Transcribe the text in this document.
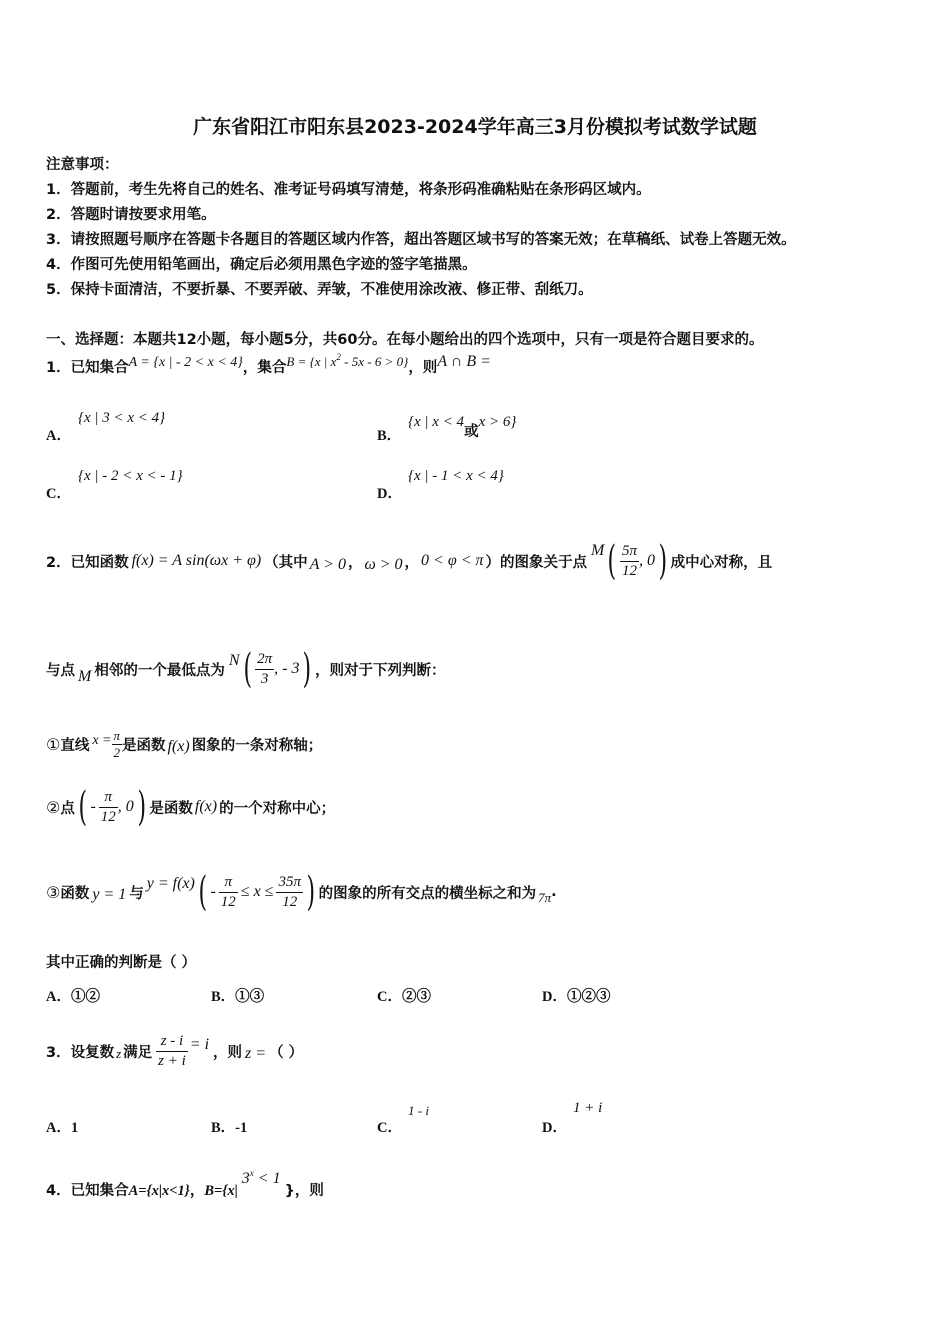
广东省阳江市阳东县2023-2024学年高三3月份模拟考试数学试题
注意事项：
1．答题前，考生先将自己的姓名、准考证号码填写清楚，将条形码准确粘贴在条形码区域内。
2．答题时请按要求用笔。
3．请按照题号顺序在答题卡各题目的答题区域内作答，超出答题区域书写的答案无效；在草稿纸、试卷上答题无效。
4．作图可先使用铅笔画出，确定后必须用黑色字迹的签字笔描黑。
5．保持卡面清洁，不要折暴、不要弄破、弄皱，不准使用涂改液、修正带、刮纸刀。
一、选择题：本题共12小题，每小题5分，共60分。在每小题给出的四个选项中，只有一项是符合题目要求的。
1．已知集合A = {x | - 2 < x < 4}，集合B = {x | $x^2 - 5x - 6 > 0$}，则A ∩ B =
A．
{x | 3 < x < 4}
B．
{x | x < 4或x > 6}
C．
{x | - 2 < x < - 1}
D．
{x | - 1 < x < 4}
2．已知函数 f(x) = A sin(ωx + φ) （其中 A > 0 ， ω > 0 ， 0 < φ < π ）的图象关于点
M ( $\frac{5\pi}{12}$ , 0 ) 成中心对称，且
与点 M 相邻的一个最低点为
N ( $\frac{2\pi}{3}$ , - 3 ) ，则对于下列判断：
① 直线 $x = \frac{\pi}{2}$ 是函数 f(x) 图象的一条对称轴；
② 点 ( - $\frac{\pi}{12}$ , 0 ) 是函数 f(x) 的一个对称中心；
③ 函数 y = 1 与
y = f(x) ( - $\frac{\pi}{12} \le x \le \frac{35\pi}{12}$ ) 的图象的所有交点的横坐标之和为 7π .
其中正确的判断是（ ）
A．①②	B．①③	C．②③	D．①②③
3．设复数 z 满足 $\frac{z - i}{z + i} = i$ ，则 z = （ ）
A．1	B．-1	C．
1 - i
D．
1 + i
4．已知集合 A={x|x<1} ， B={x|
3 x < 1
}，则
